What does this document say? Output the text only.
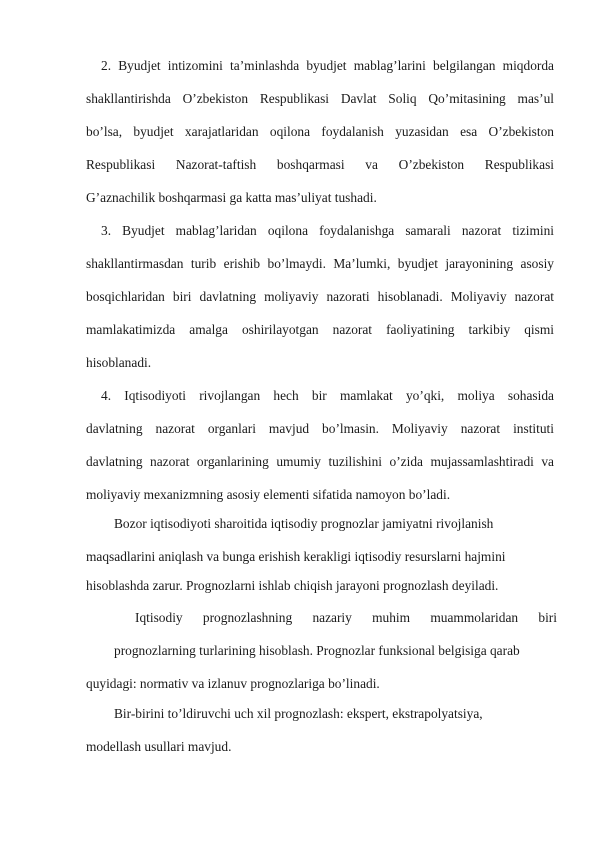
2. Byudjet intizomini ta’minlashda byudjet mablag’larini belgilangan miqdorda
shakllantirishda O’zbekiston Respublikasi Davlat Soliq Qo’mitasining mas’ul
bo’lsa, byudjet xarajatlaridan oqilona foydalanish yuzasidan esa O’zbekiston
Respublikasi Nazorat-taftish boshqarmasi va O’zbekiston Respublikasi
G’aznachilik boshqarmasi ga katta mas’uliyat tushadi.
3. Byudjet mablag’laridan oqilona foydalanishga samarali nazorat tizimini
shakllantirmasdan turib erishib bo’lmaydi. Ma’lumki, byudjet jarayonining asosiy
bosqichlaridan biri davlatning moliyaviy nazorati hisoblanadi. Moliyaviy nazorat
mamlakatimizda amalga oshirilayotgan nazorat faoliyatining tarkibiy qismi
hisoblanadi.
4. Iqtisodiyoti rivojlangan hech bir mamlakat yo’qki, moliya sohasida
davlatning nazorat organlari mavjud bo’lmasin. Moliyaviy nazorat instituti
davlatning nazorat organlarining umumiy tuzilishini o’zida mujassamlashtiradi va
moliyaviy mexanizmning asosiy elementi sifatida namoyon bo’ladi.
Bozor iqtisodiyoti sharoitida iqtisodiy prognozlar jamiyatni rivojlanish
maqsadlarini aniqlash va bunga erishish kerakligi iqtisodiy resurslarni hajmini
hisoblashda zarur. Prognozlarni ishlab chiqish jarayoni prognozlash deyiladi.
Iqtisodiy prognozlashning nazariy muhim muammolaridan biri
prognozlarning turlarining hisoblash. Prognozlar funksional belgisiga qarab
quyidagi: normativ va izlanuv prognozlariga bo’linadi.
Bir-birini to’ldiruvchi uch xil prognozlash: ekspert, ekstrapolyatsiya,
modellash usullari mavjud.
